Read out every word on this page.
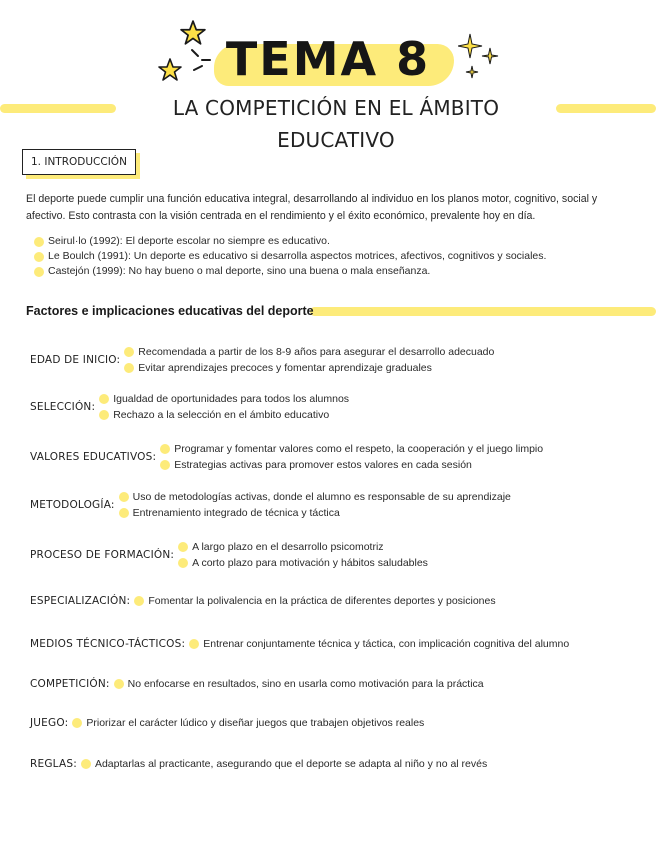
TEMA 8
LA COMPETICIÓN EN EL ÁMBITO EDUCATIVO
1. INTRODUCCIÓN

El deporte puede cumplir una función educativa integral, desarrollando al individuo en los planos motor, cognitivo, social y afectivo. Esto contrasta con la visión centrada en el rendimiento y el éxito económico, prevalente hoy en día.

Seirul·lo (1992): El deporte escolar no siempre es educativo.
Le Boulch (1991): Un deporte es educativo si desarrolla aspectos motrices, afectivos, cognitivos y sociales.
Castejón (1999): No hay bueno o mal deporte, sino una buena o mala enseñanza.
Factores e implicaciones educativas del deporte
EDAD DE INICIO:
Recomendada a partir de los 8-9 años para asegurar el desarrollo adecuado
Evitar aprendizajes precoces y fomentar aprendizaje graduales
SELECCIÓN:
Igualdad de oportunidades para todos los alumnos
Rechazo a la selección en el ámbito educativo
VALORES EDUCATIVOS:
Programar y fomentar valores como el respeto, la cooperación y el juego limpio
Estrategias activas para promover estos valores en cada sesión
METODOLOGÍA:
Uso de metodologías activas, donde el alumno es responsable de su aprendizaje
Entrenamiento integrado de técnica y táctica
PROCESO DE FORMACIÓN:
A largo plazo en el desarrollo psicomotriz
A corto plazo para motivación y hábitos saludables
ESPECIALIZACIÓN:	Fomentar la polivalencia en la práctica de diferentes deportes y posiciones
MEDIOS TÉCNICO-TÁCTICOS:	Entrenar conjuntamente técnica y táctica, con implicación cognitiva del alumno
COMPETICIÓN:	No enfocarse en resultados, sino en usarla como motivación para la práctica
JUEGO:	Priorizar el carácter lúdico y diseñar juegos que trabajen objetivos reales
REGLAS:	Adaptarlas al practicante, asegurando que el deporte se adapta al niño y no al revés
